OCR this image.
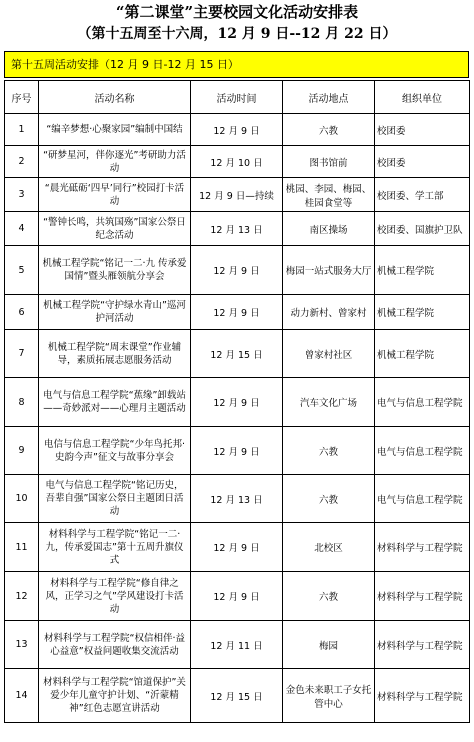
“第二课堂”主要校园文化活动安排表
（第十五周至十六周，12 月 9 日--12 月 22 日）
第十五周活动安排（12 月 9 日-12 月 15 日）
序号	活动名称	活动时间	活动地点	组织单位
1	“编辛梦想·心聚家园”编制中国结	12 月 9 日	六教	校团委
2	“研梦星河，伴你逐光”考研助力活动	12 月 10 日	图书馆前	校团委
3	“晨光砥砺‘四早’同行”校园打卡活动	12 月 9 日—持续	桃园、李园、梅园、桂园食堂等	校团委、学工部
4	“警钟长鸣，共筑国殇”国家公祭日纪念活动	12 月 13 日	南区操场	校团委、国旗护卫队
5	机械工程学院“铭记一二·九 传承爱国情”暨头雁领航分享会	12 月 9 日	梅园一站式服务大厅	机械工程学院
6	机械工程学院“守护绿水青山”巡河护河活动	12 月 9 日	动力新村、曾家村	机械工程学院
7	机械工程学院“周末课堂”作业辅导，素质拓展志愿服务活动	12 月 15 日	曾家村社区	机械工程学院
8	电气与信息工程学院“蕉缘”卸载站——奇妙派对——心理月主题活动	12 月 9 日	汽车文化广场	电气与信息工程学院
9	电信与信息工程学院“少年鸟托邦·史韵今声”征文与故事分享会	12 月 9 日	六教	电气与信息工程学院
10	电气与信息工程学院“铭记历史，吾辈自强”国家公祭日主题团日活动	12 月 13 日	六教	电气与信息工程学院
11	材料科学与工程学院“铭记一二·九，传承爱国志”第十五周升旗仪式	12 月 9 日	北校区	材料科学与工程学院
12	材料科学与工程学院“修自律之风，正学习之气”学风建设打卡活动	12 月 9 日	六教	材料科学与工程学院
13	材料科学与工程学院“权信相伴·益心益意”权益问题收集交流活动	12 月 11 日	梅园	材料科学与工程学院
14	材料科学与工程学院“馆道保护”关爱少年儿童守护计划、“沂蒙精神”红色志愿宣讲活动	12 月 15 日	金色未来职工子女托管中心	材料科学与工程学院
